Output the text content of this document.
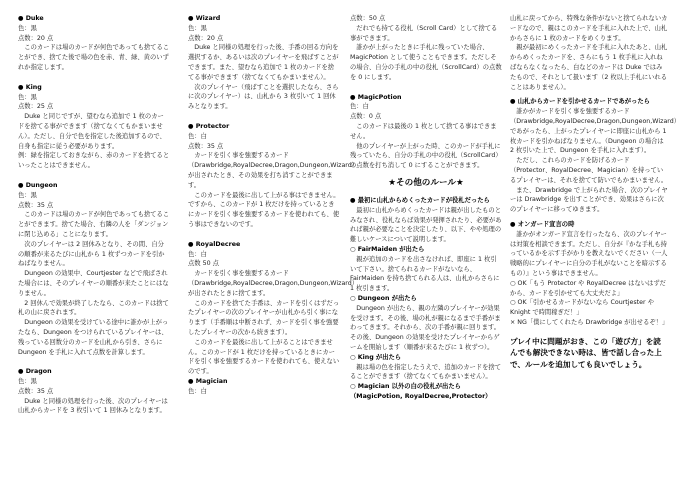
● Duke

色：黒

点数：20 点

このカードは場のカードが何色であっても捨てることができ、捨てた後で場の色を赤、青、緑、黄のいずれか指定します。

● King

色：黒

点数：25 点

Duke と同じですが、望むなら追加で 1 枚のカードを捨てる事ができます（捨てなくてもかまいません）。ただし、自分で色を指定した後追加するので、自身も指定に従う必要があります。

例：緑を指定しておきながら、赤のカードを捨てるといったことはできません。

● Dungeon

色：黒

点数：35 点

このカードは場のカードが何色であっても捨てることができます。捨てた場合、右隣の人を「ダンジョンに閉じ込める」ことになります。

次のプレイヤーは 2 回休みとなり、その間、自分の順番が来るたびに山札から 1 枚ずつカードを引かねばなりません。

Dungeon の効果中、Courtjester などで飛ばされた場合には、そのプレイヤーの順番が来たことにはなりません。

2 回休んで効果が終了したなら、このカードは捨て札の山に戻されます。

Dungeon の効果を受けている途中に誰かが上がったなら、Dungeon をつけられているプレイヤーは、残っている回数分のカードを山札から引き、さらに Dungeon を手札に入れて点数を計算します。

● Dragon

色：黒

点数：35 点

Duke と同様の処理を行った後、次のプレイヤーは山札からカードを 3 枚引いて 1 回休みとなります。

● Wizard

色：黒

点数：20 点

Duke と同様の処理を行った後、手番の回る方向を選択するか、あるいは次のプレイヤーを飛ばすことができます。また、望むなら追加で 1 枚のカードを捨てる事ができます（捨てなくてもかまいません）。

次のプレイヤー（飛ばすことを選択したなら、さらに次のプレイヤー）は、山札から 3 枚引いて 1 回休みとなります。

● Protector

色：白

点数：35 点

カードを引く事を強要するカード（Drawbridge,RoyalDecree,Dragon,Dungeon,Wizard）が出されたとき、その効果を打ち消すことができます。

このカードを最後に出して上がる事はできません。ですから、このカードが 1 枚だけを持っているときにカードを引く事を強要するカードを使われても、使う事はできないのです。

● RoyalDecree

色：白

点数 50 点

カードを引く事を強要するカード（Drawbridge,RoyalDecree,Dragon,Dungeon,Wizard）が出されたときに捨てます。

このカードを捨てた手番は、カードを引くはずだったプレイヤーの次のプレイヤーが山札から引く事になります（手番順は中断されず、カードを引く事を強要したプレイヤーの次から続きます）。

このカードを最後に出して上がることはできません。このカードが 1 枚だけを持っているときにカードを引く事を強要するカードを使われても、使えないのです。

● Magician

色：白

点数：50 点

だれでも持てる役札（Scroll Card）として捨てる事ができます。

誰かが上がったときに手札に残っていた場合、MagicPotion として使うこともできます。ただしその場合、自分の手札の中の役札（ScrollCard）の点数を 0 にします。

● MagicPotion

色：白

点数：0 点

このカードは最後の 1 枚として捨てる事はできません。

他のプレイヤーが上がった時、このカードが手札に残っていたら、自分の手札の中の役札（ScrollCard）の点数を打ち消して 0 にすることができます。

★その他のルール★

● 最初に山札からめくったカードが役札だったら

最初に山札からめくったカードは親が出したものとみなされ、役札ならば効果が発揮されたり、必要があれば親が必要なことを決定したり、以下、やや処理の難しいケースについて説明します。

○ FairMaiden が出たら

親が追加のカードを出さなければ、即座に 1 枚引いて下さい。捨てられるカードがないなら、FairMaiden を持ち捨てられる人は、山札からさらに 1 枚引きます。

○ Dungeon が出たら

Dungeon が出たら、親の左隣のプレイヤーが効果を受けます。その後、場の札が親になるまで手番がまわってきます。それから、次の手番が親に回ります。その後、Dungeon の効果を受けたプレイヤーからゲームを開始します（順番が来るたびに 1 枚ずつ）。

○ King が出たら

親は場の色を指定したうえで、追加のカードを捨てることができます（捨てなくてもかまいません）。

○ Magician 以外の白の役札が出たら（MagicPotion, RoyalDecree,Protector）

山札に戻ってから、特殊な条件がないと捨てられないカードなので、親はこのカードを手札に入れた上で、山札からさらに 1 枚のカードをめくります。

親が最初にめくったカードを手札に入れたあと、山札からめくったカードを、さらにもう 1 枚手札に入れねばならなくなったら、白などのカードは Duke ではみたもので、それとして扱います（2 枚以上手札にいれることはありません）。

● 山札からカードを引かせるカードであがったら

誰かがカードを引く事を強要するカード（Drawbridge,RoyalDecree,Dragon,Dungeon,Wizard）であがったら、上がったプレイヤーに即座に山札から 1 枚カードを引かねばなりません。（Dungeon の場合は 2 枚引いた上で、Dungeon を手札に入れます）。

ただし、これらのカードを防げるカード（Protector、RoyalDecree、Magician）を持っているプレイヤーは、それを捨てて防いでもかまいません。

また、Drawbridge で上がられた場合、次のプレイヤーは Drawbridge を出すことができ、効果はさらに次のプレイヤーに移ってゆきます。

● オンガード宣言の時

誰かがオンガード宣言を行ったなら、次のプレイヤーは対策を相談できます。ただし、自分が『かな手札も持っているかを示す手がかりを教えないでください（一人戦略的にプレイヤーに自分の手札がないことを暗示するもの）』という事はできません。

○ OK「もう Protector や RoyalDecree はないはずだから、カードを引かせても大丈夫だよ」

○ OK「引かせるカードがないなら Courtjester や Knight で時間稼ぎだ！」

× NG「僕にしてくれたら Drawbridge が出せるぞ！」

プレイ中に問題がおき、この「遊び方」を読んでも解決できない時は、皆で話し合った上で、ルールを追加しても良いでしょう。
